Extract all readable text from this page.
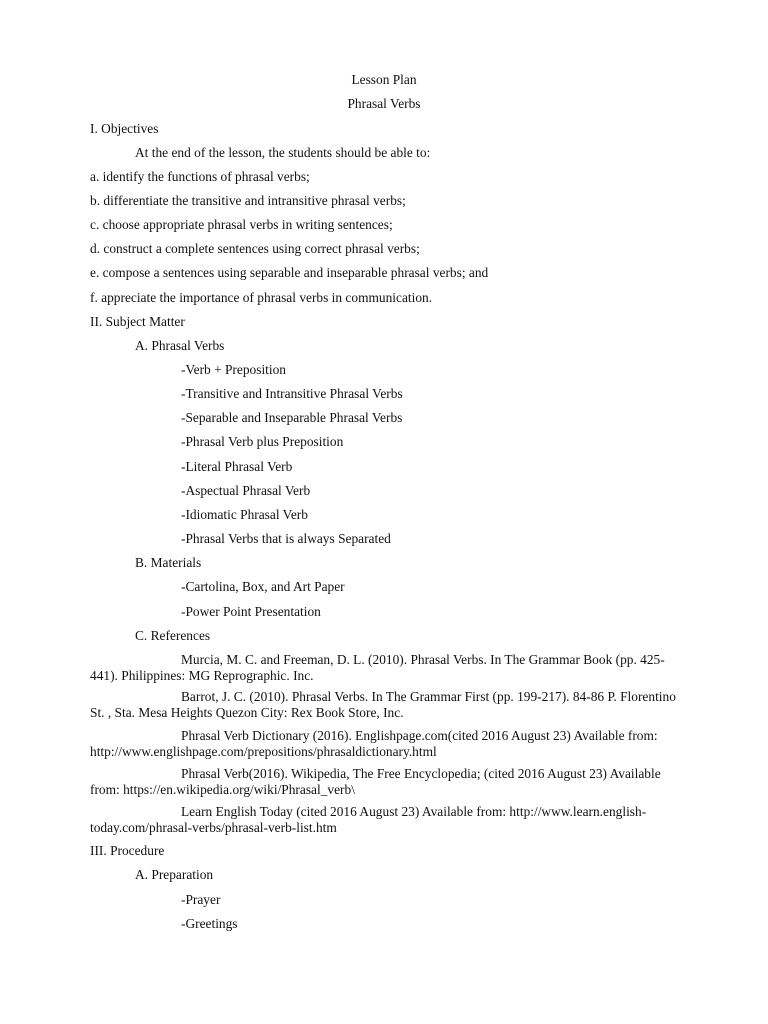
Lesson Plan
Phrasal Verbs
I. Objectives
At the end of the lesson, the students should be able to:
a. identify the functions of phrasal verbs;
b. differentiate the transitive and intransitive phrasal verbs;
c. choose appropriate phrasal verbs in writing sentences;
d. construct a complete sentences using correct phrasal verbs;
e. compose a sentences using separable and inseparable phrasal verbs; and
f. appreciate the importance of phrasal verbs in communication.
II. Subject Matter
A. Phrasal Verbs
-Verb + Preposition
-Transitive and Intransitive Phrasal Verbs
-Separable and Inseparable Phrasal Verbs
-Phrasal Verb plus Preposition
-Literal Phrasal Verb
-Aspectual Phrasal Verb
-Idiomatic Phrasal Verb
-Phrasal Verbs that is always Separated
B. Materials
-Cartolina, Box, and Art Paper
-Power Point Presentation
C. References
Murcia, M. C. and Freeman, D. L. (2010). Phrasal Verbs. In The Grammar Book (pp. 425-441). Philippines: MG Reprographic. Inc.
Barrot, J. C. (2010). Phrasal Verbs. In The Grammar First (pp. 199-217). 84-86 P. Florentino St. , Sta. Mesa Heights Quezon City: Rex Book Store, Inc.
Phrasal Verb Dictionary (2016). Englishpage.com(cited 2016 August 23) Available from: http://www.englishpage.com/prepositions/phrasaldictionary.html
Phrasal Verb(2016). Wikipedia, The Free Encyclopedia; (cited 2016 August 23) Available from: https://en.wikipedia.org/wiki/Phrasal_verb\
Learn English Today (cited 2016 August 23) Available from: http://www.learn.english-today.com/phrasal-verbs/phrasal-verb-list.htm
III. Procedure
A. Preparation
-Prayer
-Greetings
